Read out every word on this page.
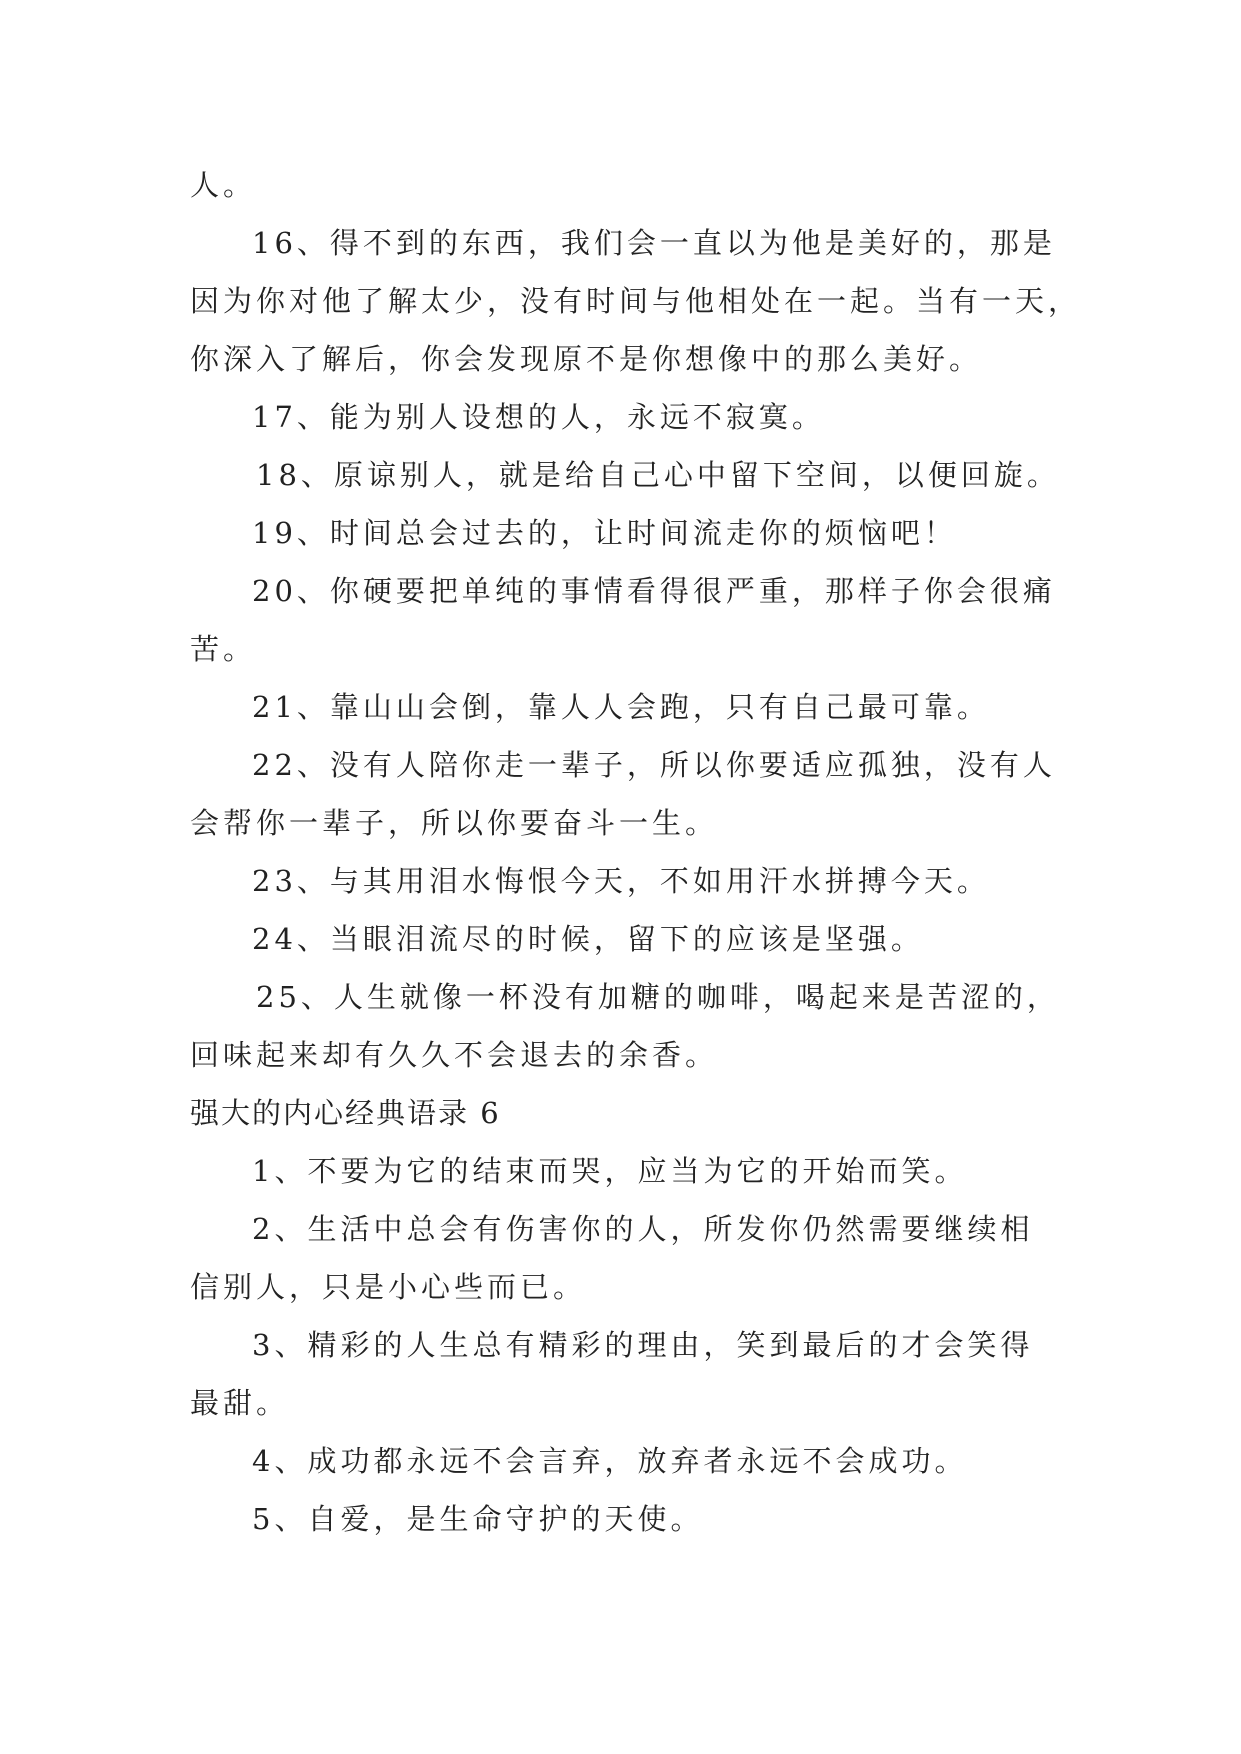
人。
16、得不到的东西，我们会一直以为他是美好的，那是
因为你对他了解太少，没有时间与他相处在一起。当有一天，
你深入了解后，你会发现原不是你想像中的那么美好。
17、能为别人设想的人，永远不寂寞。
18、原谅别人，就是给自己心中留下空间，以便回旋。
19、时间总会过去的，让时间流走你的烦恼吧！
20、你硬要把单纯的事情看得很严重，那样子你会很痛
苦。
21、靠山山会倒，靠人人会跑，只有自己最可靠。
22、没有人陪你走一辈子，所以你要适应孤独，没有人
会帮你一辈子，所以你要奋斗一生。
23、与其用泪水悔恨今天，不如用汗水拼搏今天。
24、当眼泪流尽的时候，留下的应该是坚强。
25、人生就像一杯没有加糖的咖啡，喝起来是苦涩的，
回味起来却有久久不会退去的余香。
强大的内心经典语录 6
1、不要为它的结束而哭，应当为它的开始而笑。
2、生活中总会有伤害你的人，所发你仍然需要继续相
信别人，只是小心些而已。
3、精彩的人生总有精彩的理由，笑到最后的才会笑得
最甜。
4、成功都永远不会言弃，放弃者永远不会成功。
5、自爱，是生命守护的天使。
